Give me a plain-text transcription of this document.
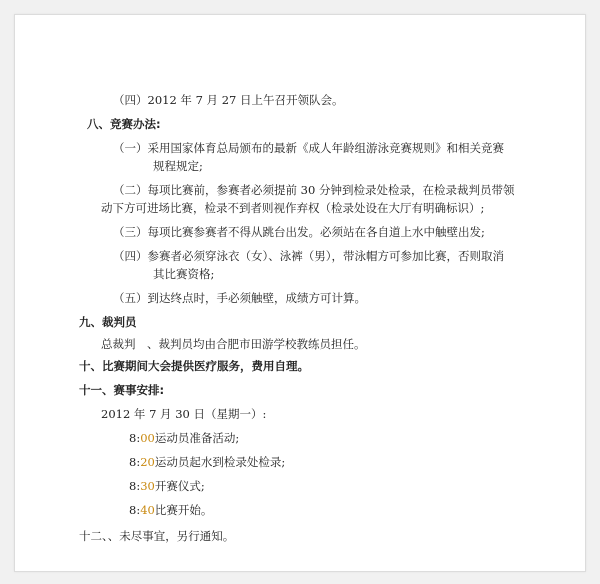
（四）2012 年 7 月 27 日上午召开领队会。
八、竞赛办法:
（一）采用国家体育总局颁布的最新《成人年龄组游泳竞赛规则》和相关竞赛
规程规定;
（二）每项比赛前，参赛者必须提前 30 分钟到检录处检录，在检录裁判员带领
动下方可进场比赛，检录不到者则视作弃权（检录处设在大厅有明确标识）;
（三）每项比赛参赛者不得从跳台出发。必须站在各自道上水中触壁出发;
（四）参赛者必须穿泳衣（女）、泳裤（男），带泳帽方可参加比赛，否则取消
其比赛资格;
（五）到达终点时，手必须触壁，成绩方可计算。
九、裁判员
总裁判　、裁判员均由合肥市田游学校教练员担任。
十、比赛期间大会提供医疗服务，费用自理。
十一、赛事安排:
2012 年 7 月 30 日（星期一）:
8: 00 运动员准备活动;
8: 20 运动员起水到检录处检录;
8: 30 开赛仪式;
8: 40 比赛开始。
十二、、未尽事宜，另行通知。
